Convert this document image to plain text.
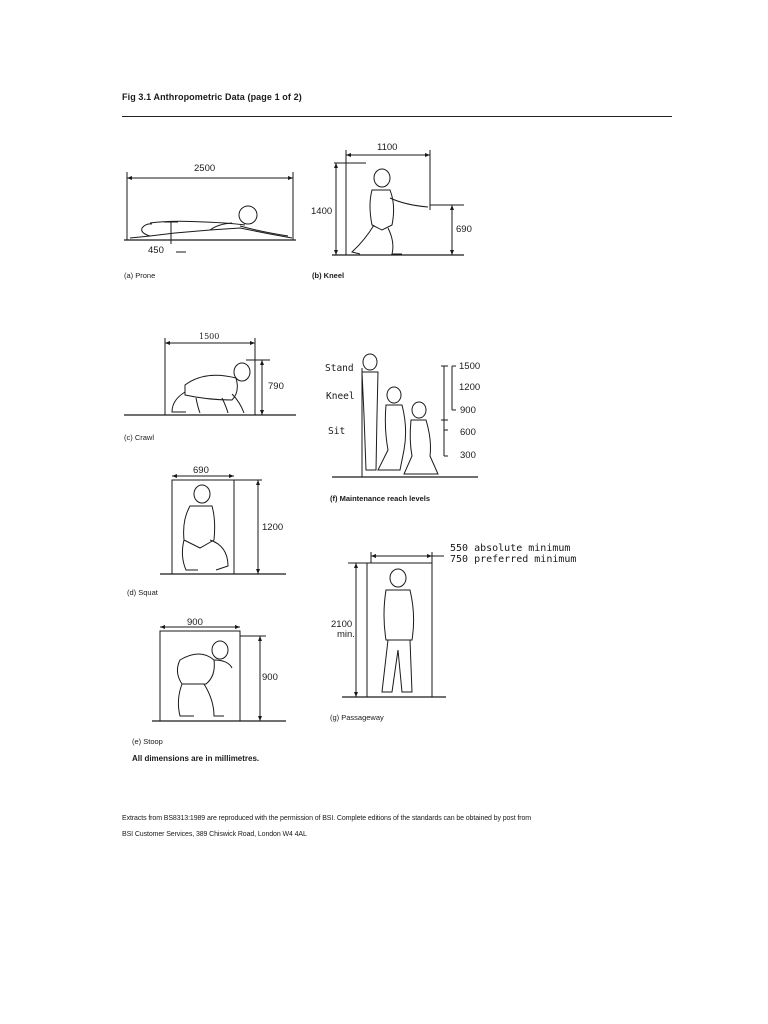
Fig 3.1 Anthropometric Data (page 1 of 2)
2500
450
(a) Prone
1100
1400
690
(b) Kneel
1500
790
(c) Crawl
Stand
Kneel
Sit
1500
1200
900
600
300
(f) Maintenance reach levels
690
1200
(d) Squat
550 absolute minimum
750 preferred minimum
2100
min.
(g) Passageway
900
900
(e) Stoop
All dimensions are in millimetres.
Extracts from BS8313:1989 are reproduced with the permission of BSI. Complete editions of the standards can be obtained by post from
BSI Customer Services, 389 Chiswick Road, London W4 4AL
